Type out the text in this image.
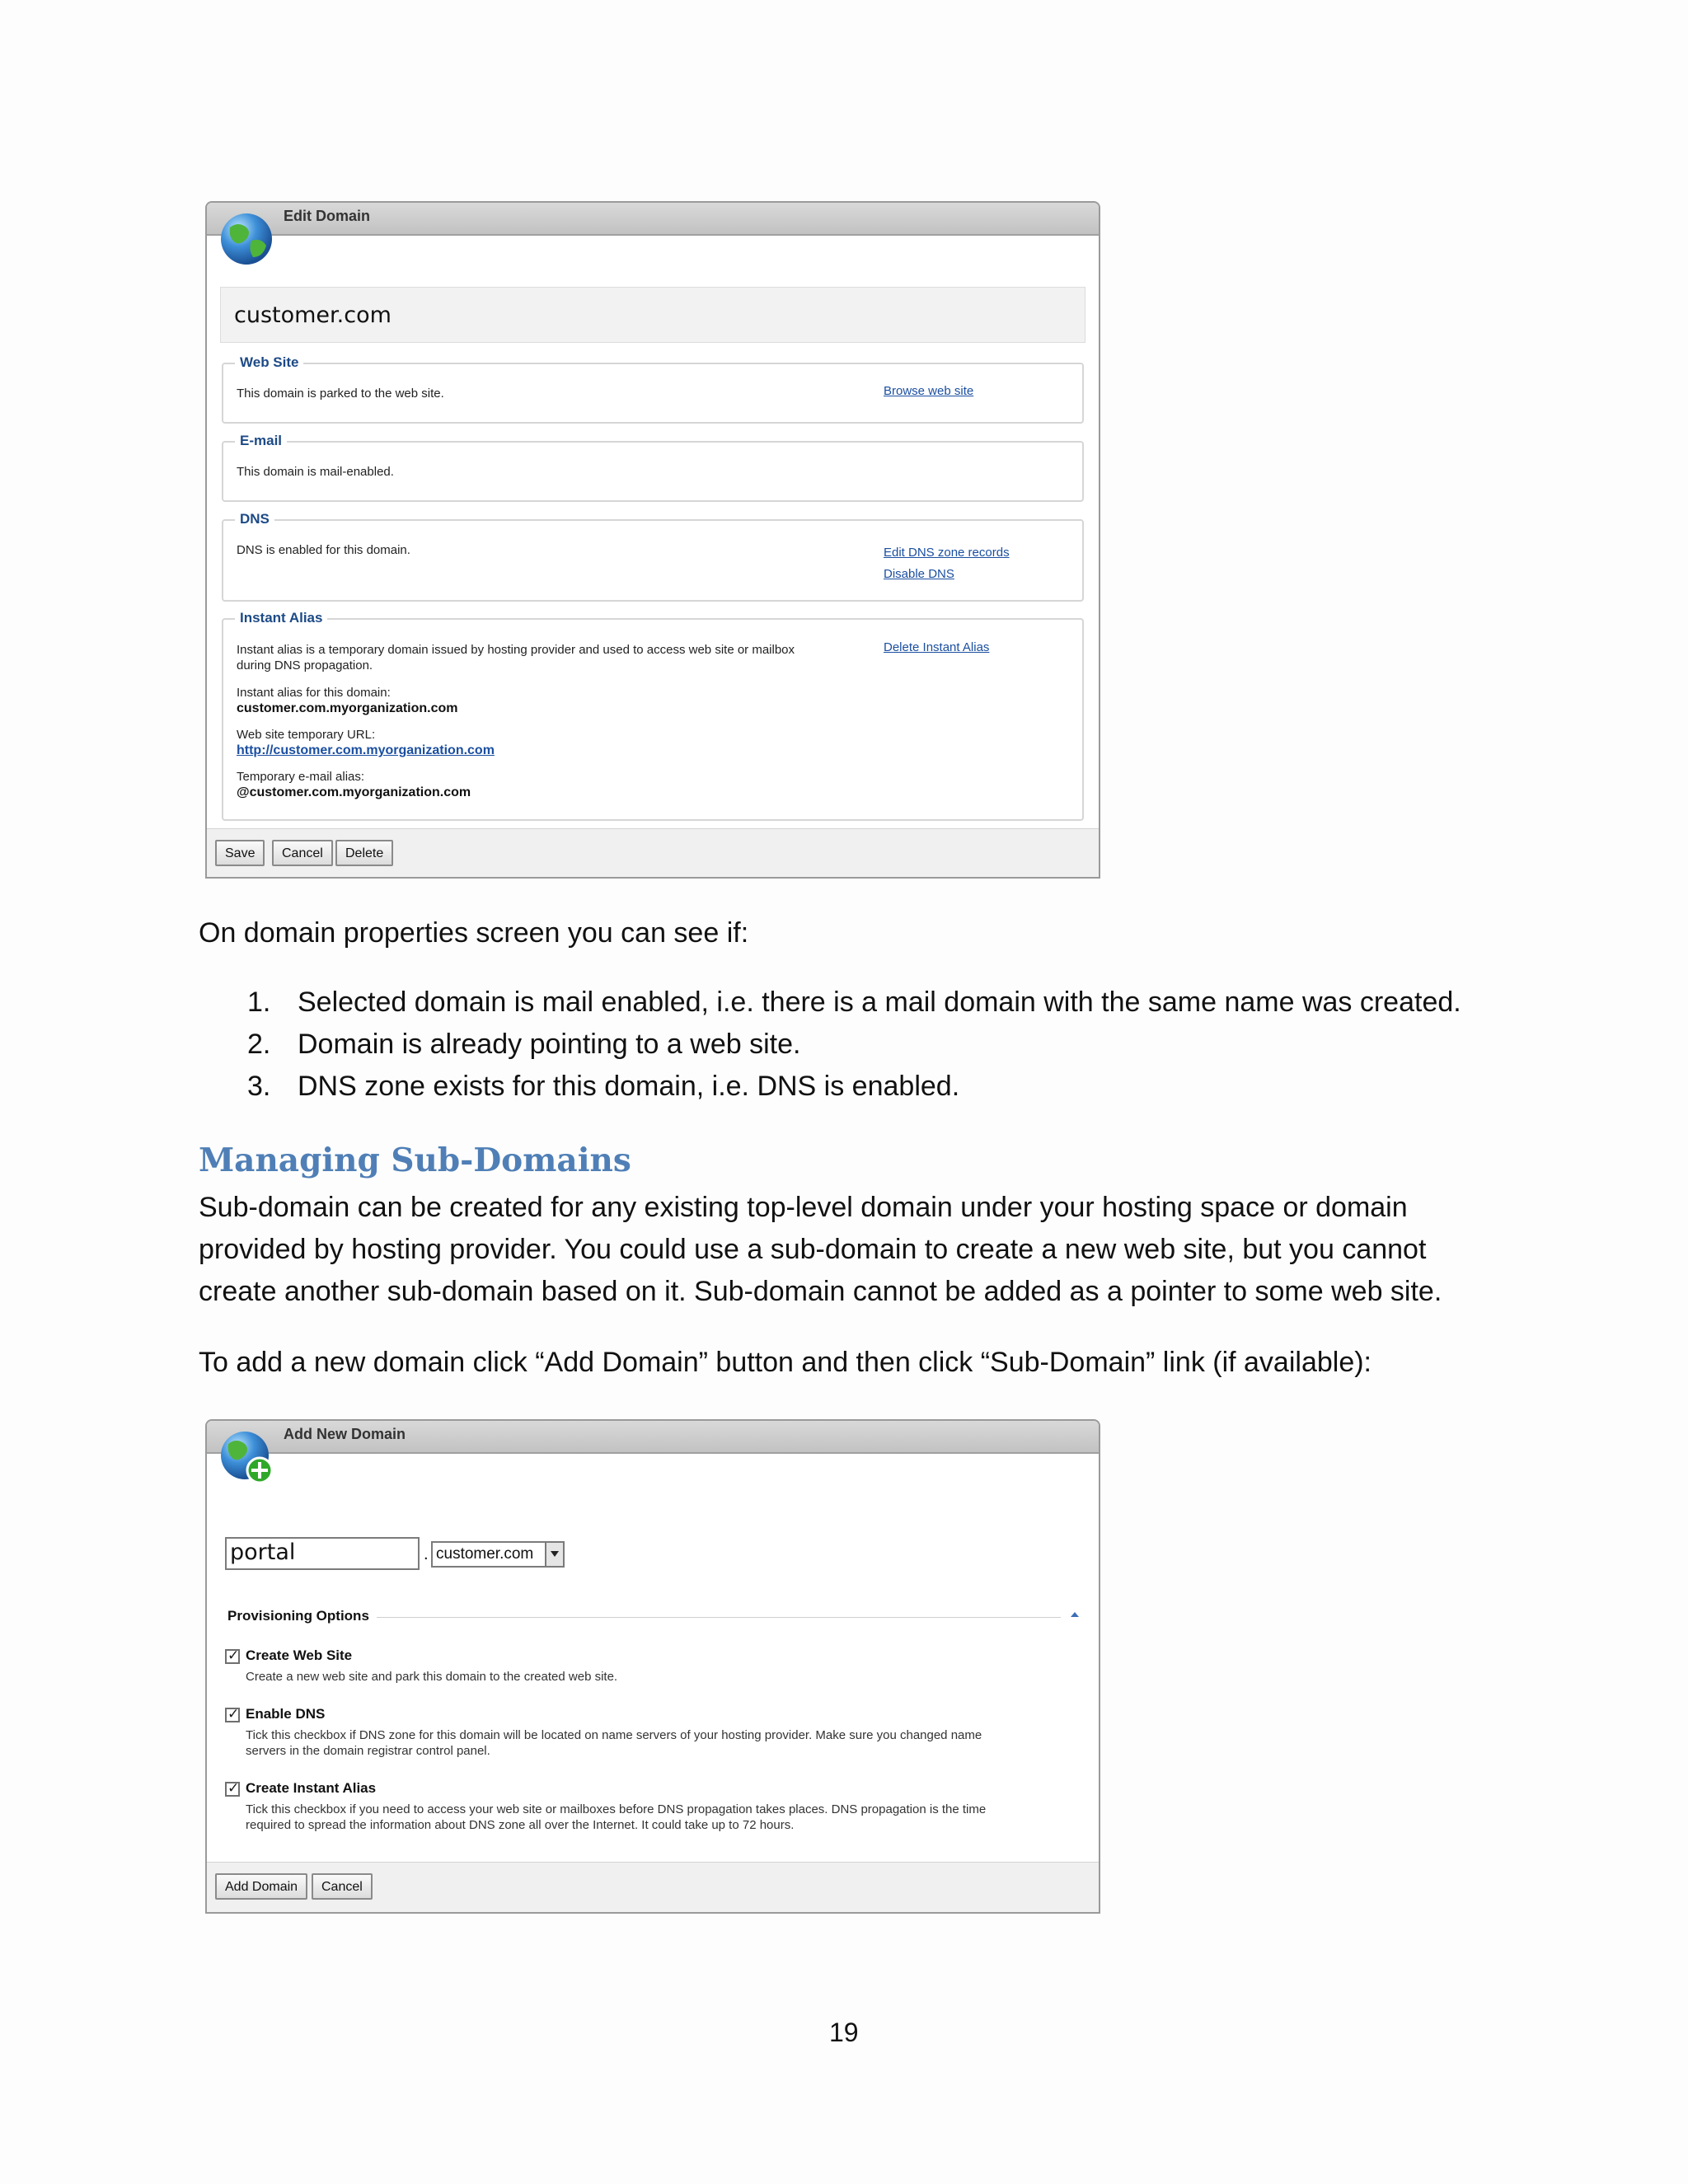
Edit Domain
customer.com
Web Site
This domain is parked to the web site.	Browse web site
E-mail
This domain is mail-enabled.
DNS
DNS is enabled for this domain.	Edit DNS zone records
Disable DNS
Instant Alias
Instant alias is a temporary domain issued by hosting provider and used to access web site or mailbox
during DNS propagation.
Delete Instant Alias
Instant alias for this domain:
customer.com.myorganization.com
Web site temporary URL:
http://customer.com.myorganization.com
Temporary e-mail alias:
@customer.com.myorganization.com
Save	Cancel	Delete
On domain properties screen you can see if:
1. Selected domain is mail enabled, i.e. there is a mail domain with the same name was created.
2. Domain is already pointing to a web site.
3. DNS zone exists for this domain, i.e. DNS is enabled.
Managing Sub-Domains
Sub-domain can be created for any existing top-level domain under your hosting space or domain
provided by hosting provider. You could use a sub-domain to create a new web site, but you cannot
create another sub-domain based on it. Sub-domain cannot be added as a pointer to some web site.
To add a new domain click “Add Domain” button and then click “Sub-Domain” link (if available):
Add New Domain
portal	. customer.com
Provisioning Options
✓
Create Web Site
Create a new web site and park this domain to the created web site.
✓
Enable DNS
Tick this checkbox if DNS zone for this domain will be located on name servers of your hosting provider. Make sure you changed name
servers in the domain registrar control panel.
✓
Create Instant Alias
Tick this checkbox if you need to access your web site or mailboxes before DNS propagation takes places. DNS propagation is the time
required to spread the information about DNS zone all over the Internet. It could take up to 72 hours.
Add Domain	Cancel
19
